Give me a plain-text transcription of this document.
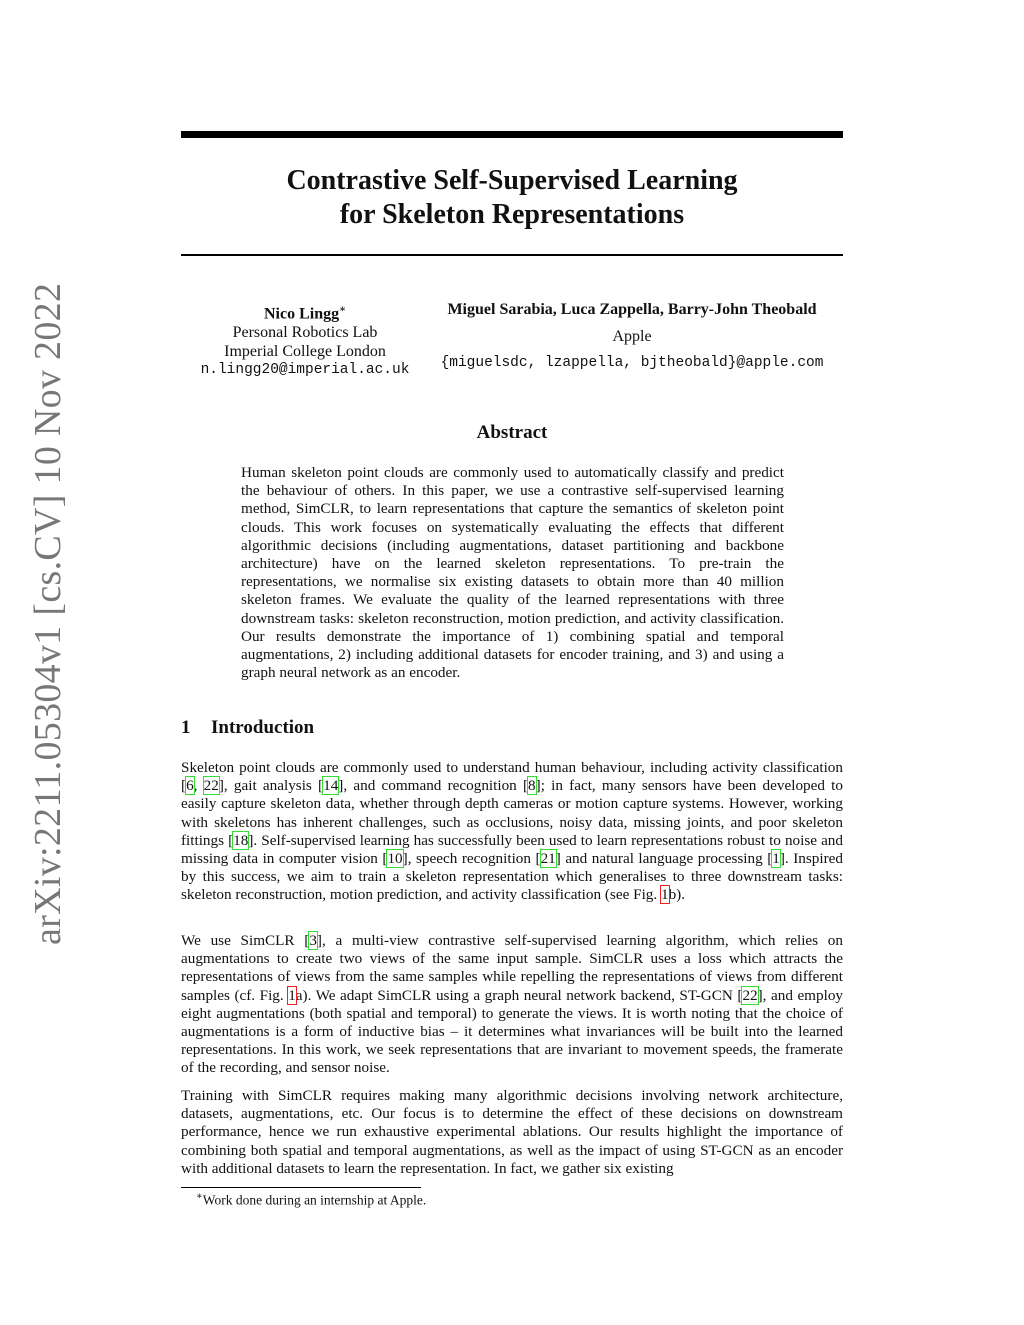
arXiv:2211.05304v1 [cs.CV] 10 Nov 2022
Contrastive Self-Supervised Learning
for Skeleton Representations
Nico Lingg∗
Personal Robotics Lab
Imperial College London
n.lingg20@imperial.ac.uk
Miguel Sarabia, Luca Zappella, Barry-John Theobald
Apple
{miguelsdc, lzappella, bjtheobald}@apple.com
Abstract
Human skeleton point clouds are commonly used to automatically classify and predict the behaviour of others. In this paper, we use a contrastive self-supervised learning method, SimCLR, to learn representations that capture the semantics of skeleton point clouds. This work focuses on systematically evaluating the effects that different algorithmic decisions (including augmentations, dataset partitioning and backbone architecture) have on the learned skeleton representations. To pre-train the representations, we normalise six existing datasets to obtain more than 40 million skeleton frames. We evaluate the quality of the learned representations with three downstream tasks: skeleton reconstruction, motion prediction, and activity classification. Our results demonstrate the importance of 1) combining spatial and temporal augmentations, 2) including additional datasets for encoder training, and 3) and using a graph neural network as an encoder.
1 Introduction
Skeleton point clouds are commonly used to understand human behaviour, including activity classification [6, 22], gait analysis [14], and command recognition [8]; in fact, many sensors have been developed to easily capture skeleton data, whether through depth cameras or motion capture systems. However, working with skeletons has inherent challenges, such as occlusions, noisy data, missing joints, and poor skeleton fittings [18]. Self-supervised learning has successfully been used to learn representations robust to noise and missing data in computer vision [10], speech recognition [21] and natural language processing [1]. Inspired by this success, we aim to train a skeleton representation which generalises to three downstream tasks: skeleton reconstruction, motion prediction, and activity classification (see Fig. 1b).
We use SimCLR [3], a multi-view contrastive self-supervised learning algorithm, which relies on augmentations to create two views of the same input sample. SimCLR uses a loss which attracts the representations of views from the same samples while repelling the representations of views from different samples (cf. Fig. 1a). We adapt SimCLR using a graph neural network backend, ST-GCN [22], and employ eight augmentations (both spatial and temporal) to generate the views. It is worth noting that the choice of augmentations is a form of inductive bias – it determines what invariances will be built into the learned representations. In this work, we seek representations that are invariant to movement speeds, the framerate of the recording, and sensor noise.
Training with SimCLR requires making many algorithmic decisions involving network architecture, datasets, augmentations, etc. Our focus is to determine the effect of these decisions on downstream performance, hence we run exhaustive experimental ablations. Our results highlight the importance of combining both spatial and temporal augmentations, as well as the impact of using ST-GCN as an encoder with additional datasets to learn the representation. In fact, we gather six existing
∗Work done during an internship at Apple.
